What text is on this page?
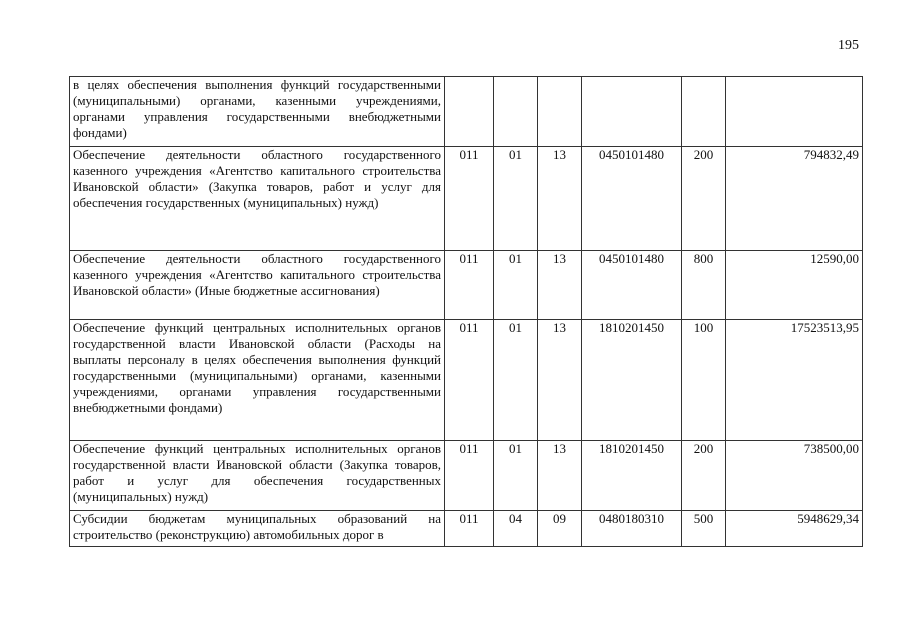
195
в целях обеспечения выполнения функций государственными (муниципальными) органами, казенными учреждениями, органами управления государственными внебюджетными фондами)						
Обеспечение деятельности областного государственного казенного учреждения «Агентство капитального строительства Ивановской области» (Закупка товаров, работ и услуг для обеспечения государственных (муниципальных) нужд)	011	01	13	0450101480	200	794832,49
Обеспечение деятельности областного государственного казенного учреждения «Агентство капитального строительства Ивановской области» (Иные бюджетные ассигнования)	011	01	13	0450101480	800	12590,00
Обеспечение функций центральных исполнительных органов государственной власти Ивановской области (Расходы на выплаты персоналу в целях обеспечения выполнения функций государственными (муниципальными) органами, казенными учреждениями, органами управления государственными внебюджетными фондами)	011	01	13	1810201450	100	17523513,95
Обеспечение функций центральных исполнительных органов государственной власти Ивановской области (Закупка товаров, работ и услуг для обеспечения государственных (муниципальных) нужд)	011	01	13	1810201450	200	738500,00
Субсидии бюджетам муниципальных образований на строительство (реконструкцию) автомобильных дорог в	011	04	09	0480180310	500	5948629,34
